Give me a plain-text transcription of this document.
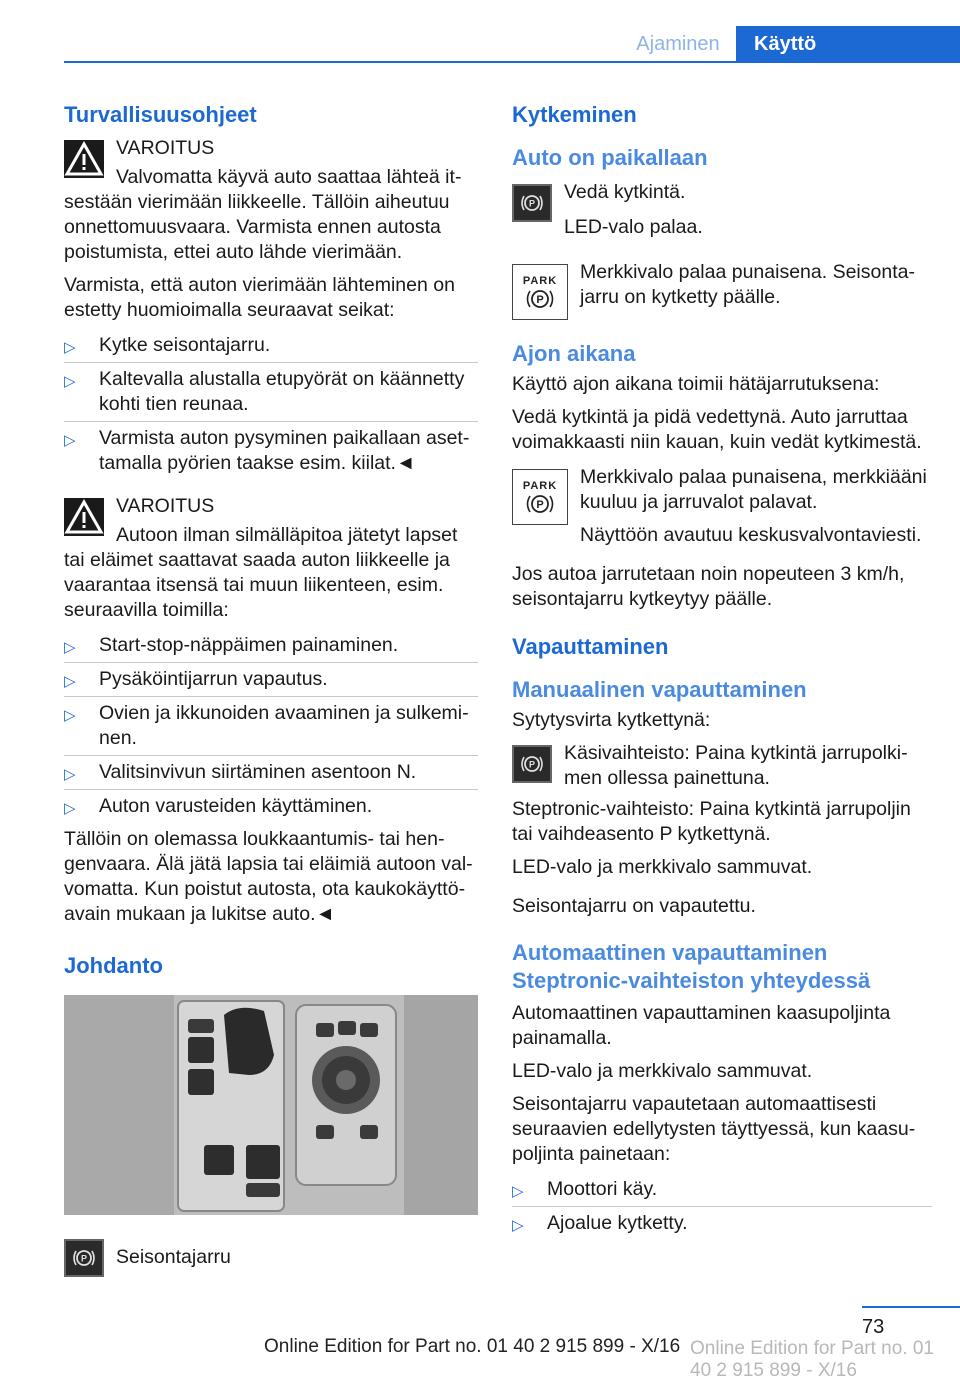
Ajaminen	Käyttö
Turvallisuusohjeet
VAROITUS
Valvomatta käyvä auto saattaa lähteä itsestään vierimään liikkeelle. Tällöin aiheutuu onnettomuusvaara. Varmista ennen autosta poistumista, ettei auto lähde vierimään.
Varmista, että auton vierimään lähteminen on estetty huomioimalla seuraavat seikat:
▷ Kytke seisontajarru.
▷ Kaltevalla alustalla etupyörät on käännetty kohti tien reunaa.
▷ Varmista auton pysyminen paikallaan asettamalla pyörien taakse esim. kiilat.◄
VAROITUS
Autoon ilman silmälläpitoa jätetyt lapset tai eläimet saattavat saada auton liikkeelle ja vaarantaa itsensä tai muun liikenteen, esim. seuraavilla toimilla:
▷ Start-stop-näppäimen painaminen.
▷ Pysäköintijarrun vapautus.
▷ Ovien ja ikkunoiden avaaminen ja sulkeminen.
▷ Valitsinvivun siirtäminen asentoon N.
▷ Auton varusteiden käyttäminen.
Tällöin on olemassa loukkaantumis- tai hengenvaara. Älä jätä lapsia tai eläimiä autoon valvomatta. Kun poistut autosta, ota kaukokäyttöavain mukaan ja lukitse auto.◄
Johdanto
P Seisontajarru
Kytkeminen
Auto on paikallaan
P
Vedä kytkintä.
LED-valo palaa.
PARK
P
Merkkivalo palaa punaisena. Seisontajarru on kytketty päälle.
Ajon aikana
Käyttö ajon aikana toimii hätäjarrutuksena:
Vedä kytkintä ja pidä vedettynä. Auto jarruttaa voimakkaasti niin kauan, kuin vedät kytkimestä.
PARK
P
Merkkivalo palaa punaisena, merkkiääni kuuluu ja jarruvalot palavat.
Näyttöön avautuu keskusvalvontaviesti.
Jos autoa jarrutetaan noin nopeuteen 3 km/h, seisontajarru kytkeytyy päälle.
Vapauttaminen
Manuaalinen vapauttaminen
Sytytysvirta kytkettynä:
P
Käsivaihteisto: Paina kytkintä jarrupolkimen ollessa painettuna.
Steptronic-vaihteisto: Paina kytkintä jarrupoljin tai vaihdeasento P kytkettynä.
LED-valo ja merkkivalo sammuvat.
Seisontajarru on vapautettu.
Automaattinen vapauttaminen Steptronic-vaihteiston yhteydessä
Automaattinen vapauttaminen kaasupoljinta painamalla.
LED-valo ja merkkivalo sammuvat.
Seisontajarru vapautetaan automaattisesti seuraavien edellytysten täyttyessä, kun kaasupoljinta painetaan:
▷ Moottori käy.
▷ Ajoalue kytketty.
73
Online Edition for Part no. 01 40 2 915 899 - X/16 Online Edition for Part no. 01 40 2 915 899 - X/16
